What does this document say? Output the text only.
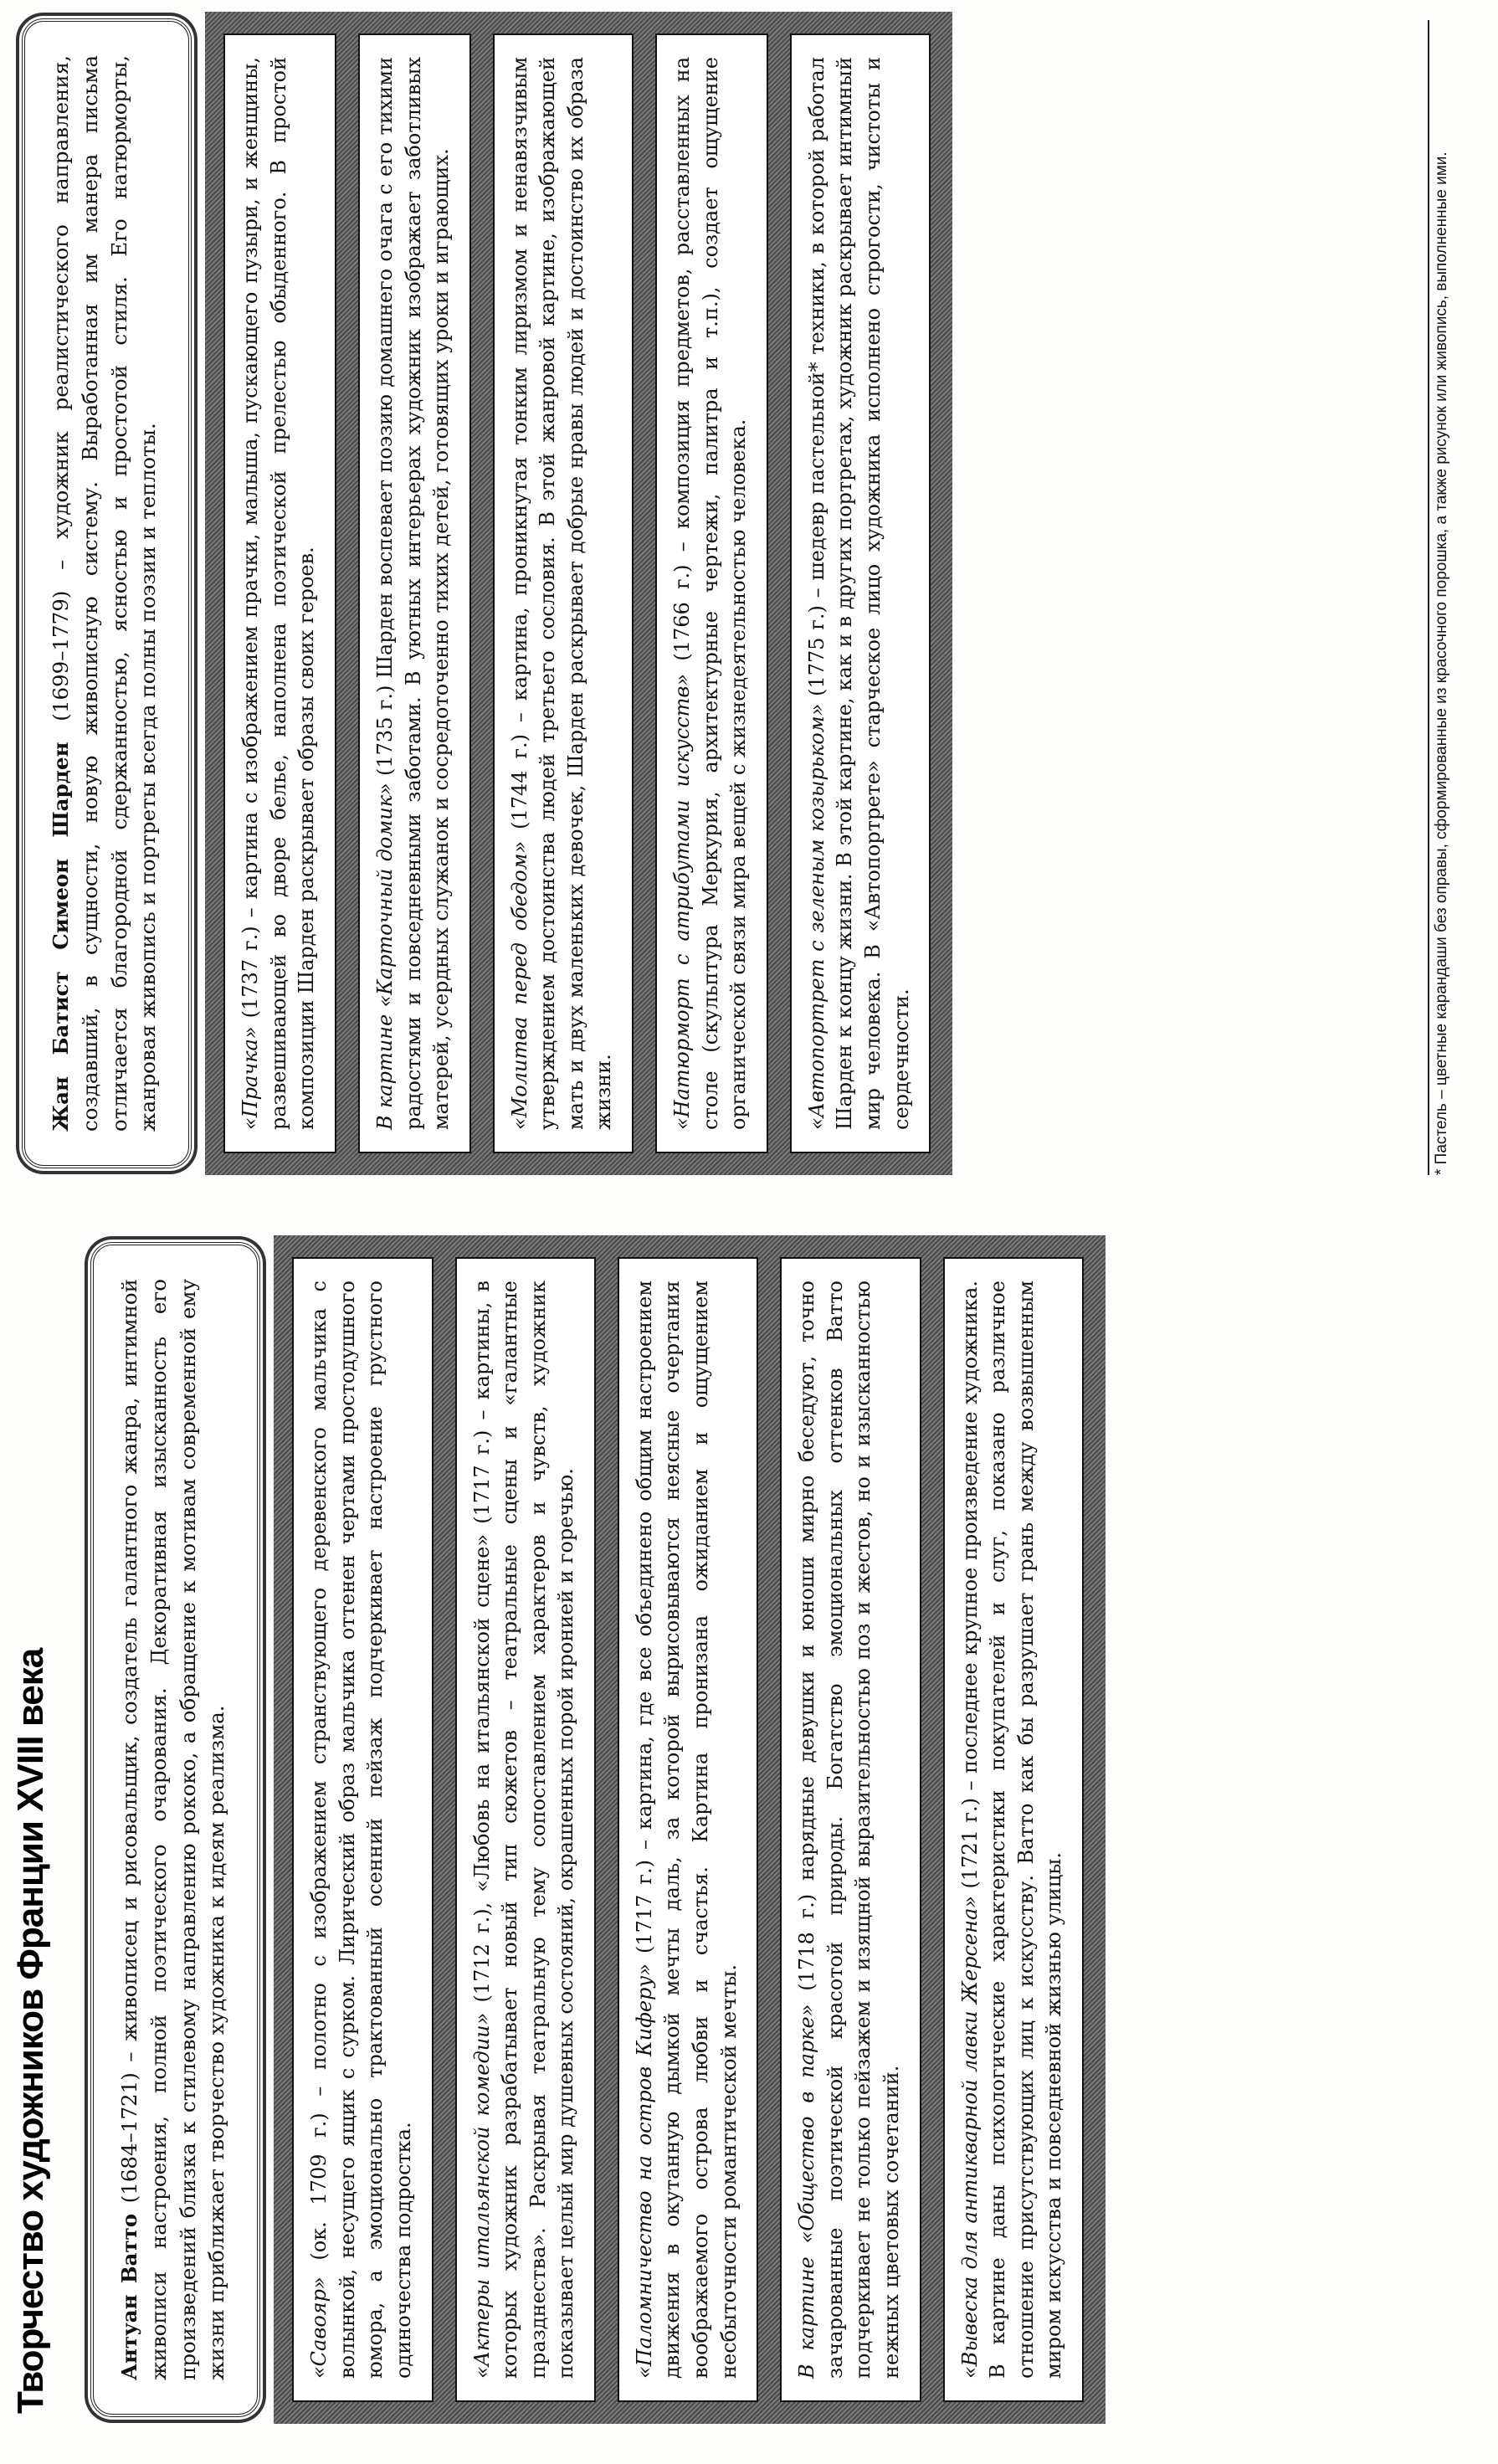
Творчество художников Франции XVIII века	Антуан Ватто (1684–1721) – живописец и рисовальщик, создатель галантного жанра, интимной живописи настроения, полной поэтического очарования. Декоративная изысканность его произведений близка к стилевому направлению рококо, а обращение к мотивам современной ему жизни приближает творчество художника к идеям реализма.	«Савояр» (ок. 1709 г.) – полотно с изображением странствующего деревенского мальчика с волынкой, несущего ящик с сурком. Лирический образ мальчика оттенен чертами простодушного юмора, а эмоционально трактованный осенний пейзаж подчеркивает настроение грустного одиночества подростка.	«Актеры итальянской комедии» (1712 г.), «Любовь на итальянской сцене» (1717 г.) – картины, в которых художник разрабатывает новый тип сюжетов – театральные сцены и «галантные празднества». Раскрывая театральную тему сопоставлением характеров и чувств, художник показывает целый мир душевных состояний, окрашенных порой иронией и горечью.	«Паломничество на остров Киферу» (1717 г.) – картина, где все объединено общим настроением движения в окутанную дымкой мечты даль, за которой вырисовываются неясные очертания воображаемого острова любви и счастья. Картина пронизана ожиданием и ощущением несбыточности романтической мечты.	В картине «Общество в парке» (1718 г.) нарядные девушки и юноши мирно беседуют, точно зачарованные поэтической красотой природы. Богатство эмоциональных оттенков Ватто подчеркивает не только пейзажем и изящной выразительностью поз и жестов, но и изысканностью нежных цветовых сочетаний.	«Вывеска для антикварной лавки Жерсена» (1721 г.) – последнее крупное произведение художника. В картине даны психологические характеристики покупателей и слуг, показано различное отношение присутствующих лиц к искусству. Ватто как бы разрушает грань между возвышенным миром искусства и повседневной жизнью улицы.
Жан Батист Симеон Шарден (1699–1779) – художник реалистического направления, создавший, в сущности, новую живописную систему. Выработанная им манера письма отличается благородной сдержанностью, ясностью и простотой стиля. Его натюрморты, жанровая живопись и портреты всегда полны поэзии и теплоты.	«Прачка» (1737 г.) – картина с изображением прачки, малыша, пускающего пузыри, и женщины, развешивающей во дворе белье, наполнена поэтической прелестью обыденного. В простой композиции Шарден раскрывает образы своих героев.	В картине «Карточный домик» (1735 г.) Шарден воспевает поэзию домашнего очага с его тихими радостями и повседневными заботами. В уютных интерьерах художник изображает заботливых матерей, усердных служанок и сосредоточенно тихих детей, готовящих уроки и играющих.	«Молитва перед обедом» (1744 г.) – картина, проникнутая тонким лиризмом и ненавязчивым утверждением достоинства людей третьего сословия. В этой жанровой картине, изображающей мать и двух маленьких девочек, Шарден раскрывает добрые нравы людей и достоинство их образа жизни.	«Натюрморт с атрибутами искусств» (1766 г.) – композиция предметов, расставленных на столе (скульптура Меркурия, архитектурные чертежи, палитра и т.п.), создает ощущение органической связи мира вещей с жизнедеятельностью человека.	«Автопортрет с зеленым козырьком» (1775 г.) – шедевр пастельной* техники, в которой работал Шарден к концу жизни. В этой картине, как и в других портретах, художник раскрывает интимный мир человека. В «Автопортрете» старческое лицо художника исполнено строгости, чистоты и сердечности.	* Пастель – цветные карандаши без оправы, сформированные из красочного порошка, а также рисунок или живопись, выполненные ими.
